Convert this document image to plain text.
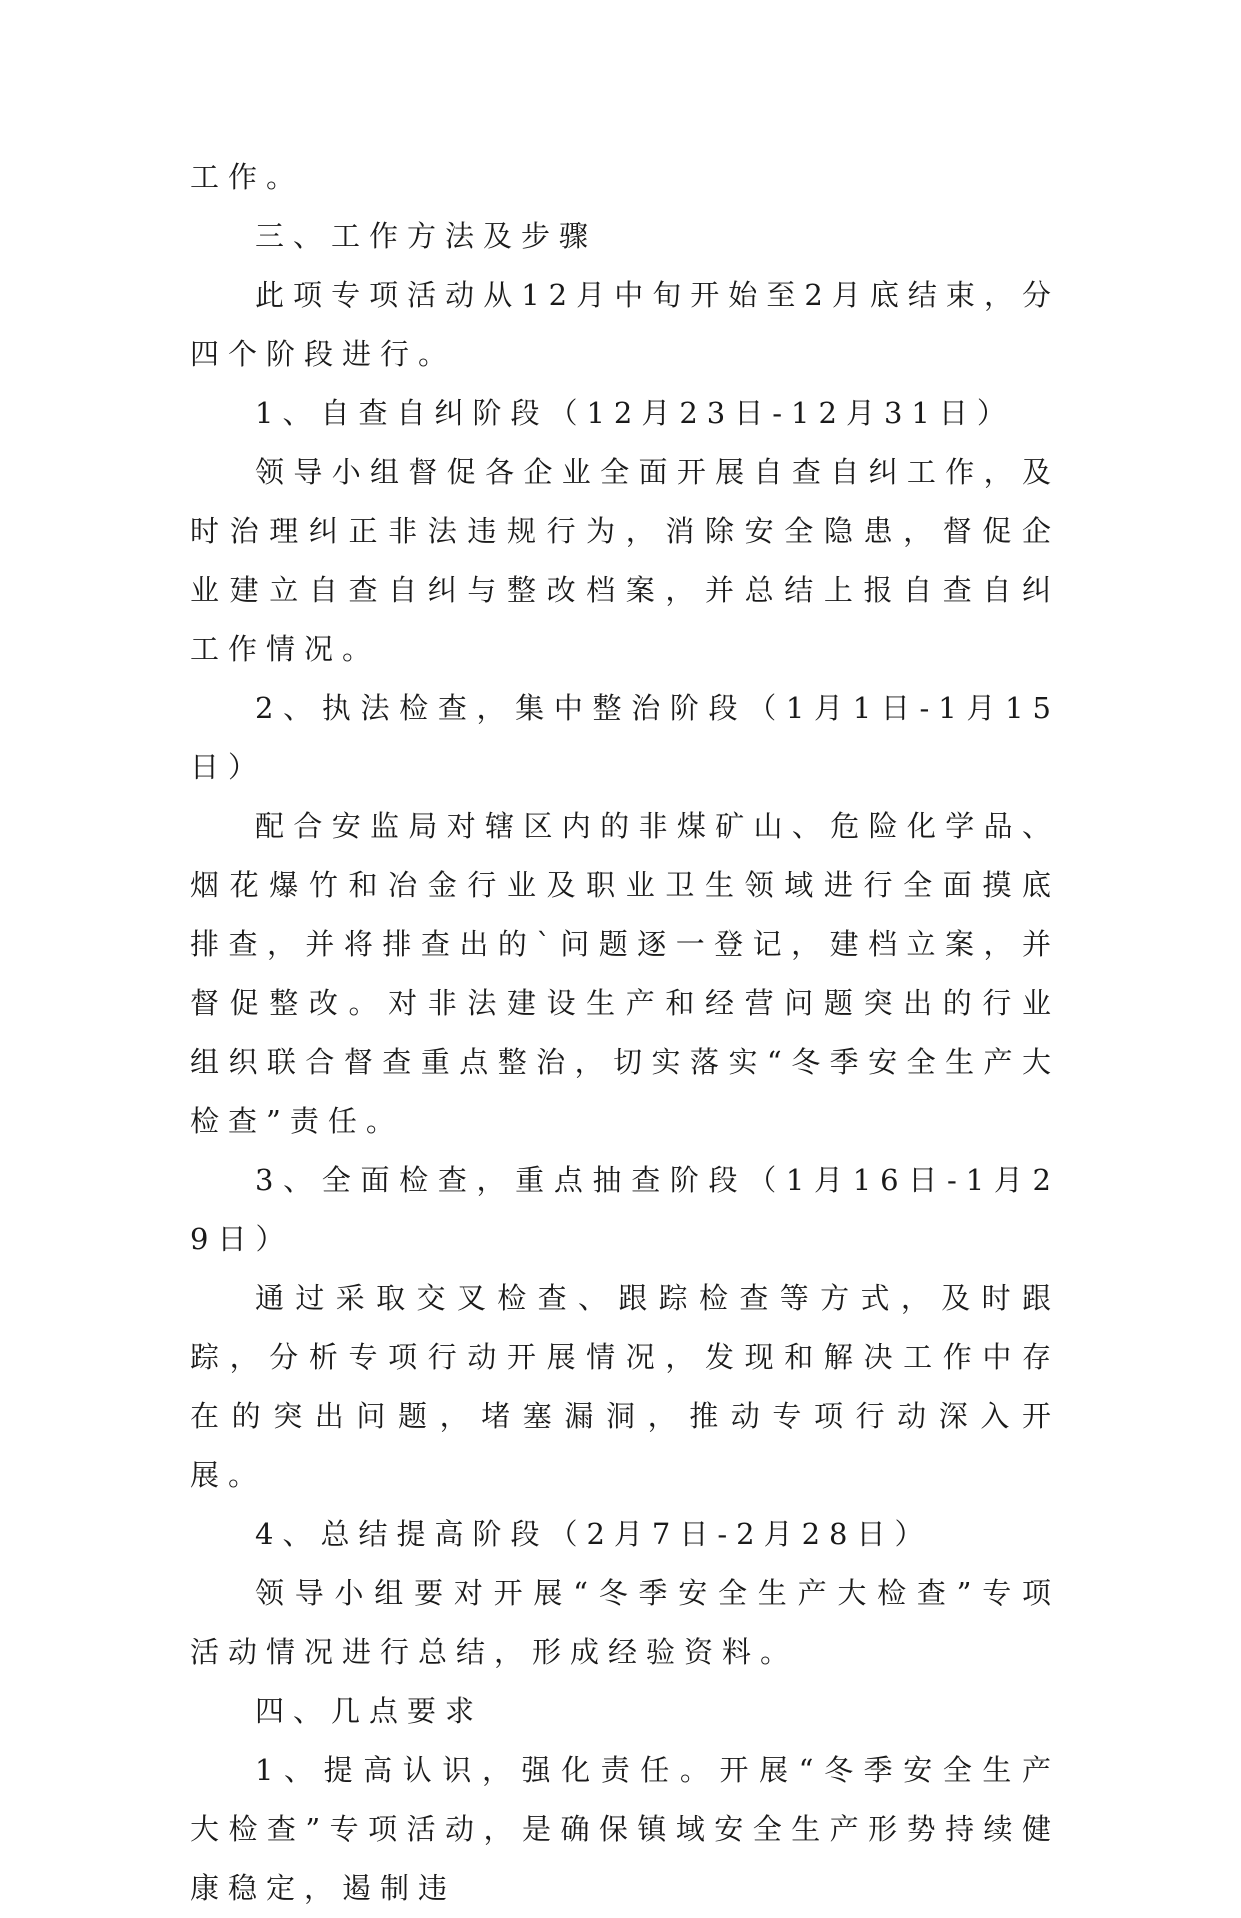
工作。

三、工作方法及步骤

此项专项活动从12月中旬开始至2月底结束，分四个阶段进行。

1、自查自纠阶段（12月23日-12月31日）

领导小组督促各企业全面开展自查自纠工作，及时治理纠正非法违规行为，消除安全隐患，督促企业建立自查自纠与整改档案，并总结上报自查自纠工作情况。

2、执法检查，集中整治阶段（1月1日-1月15日）

配合安监局对辖区内的非煤矿山、危险化学品、烟花爆竹和冶金行业及职业卫生领域进行全面摸底排查，并将排查出的`问题逐一登记，建档立案，并督促整改。对非法建设生产和经营问题突出的行业组织联合督查重点整治，切实落实“冬季安全生产大检查”责任。

3、全面检查，重点抽查阶段（1月16日-1月29日）

通过采取交叉检查、跟踪检查等方式，及时跟踪，分析专项行动开展情况，发现和解决工作中存在的突出问题，堵塞漏洞，推动专项行动深入开展。

4、总结提高阶段（2月7日-2月28日）

领导小组要对开展“冬季安全生产大检查”专项活动情况进行总结，形成经验资料。

四、几点要求

1、提高认识，强化责任。开展“冬季安全生产大检查”专项活动，是确保镇域安全生产形势持续健康稳定，遏制违
